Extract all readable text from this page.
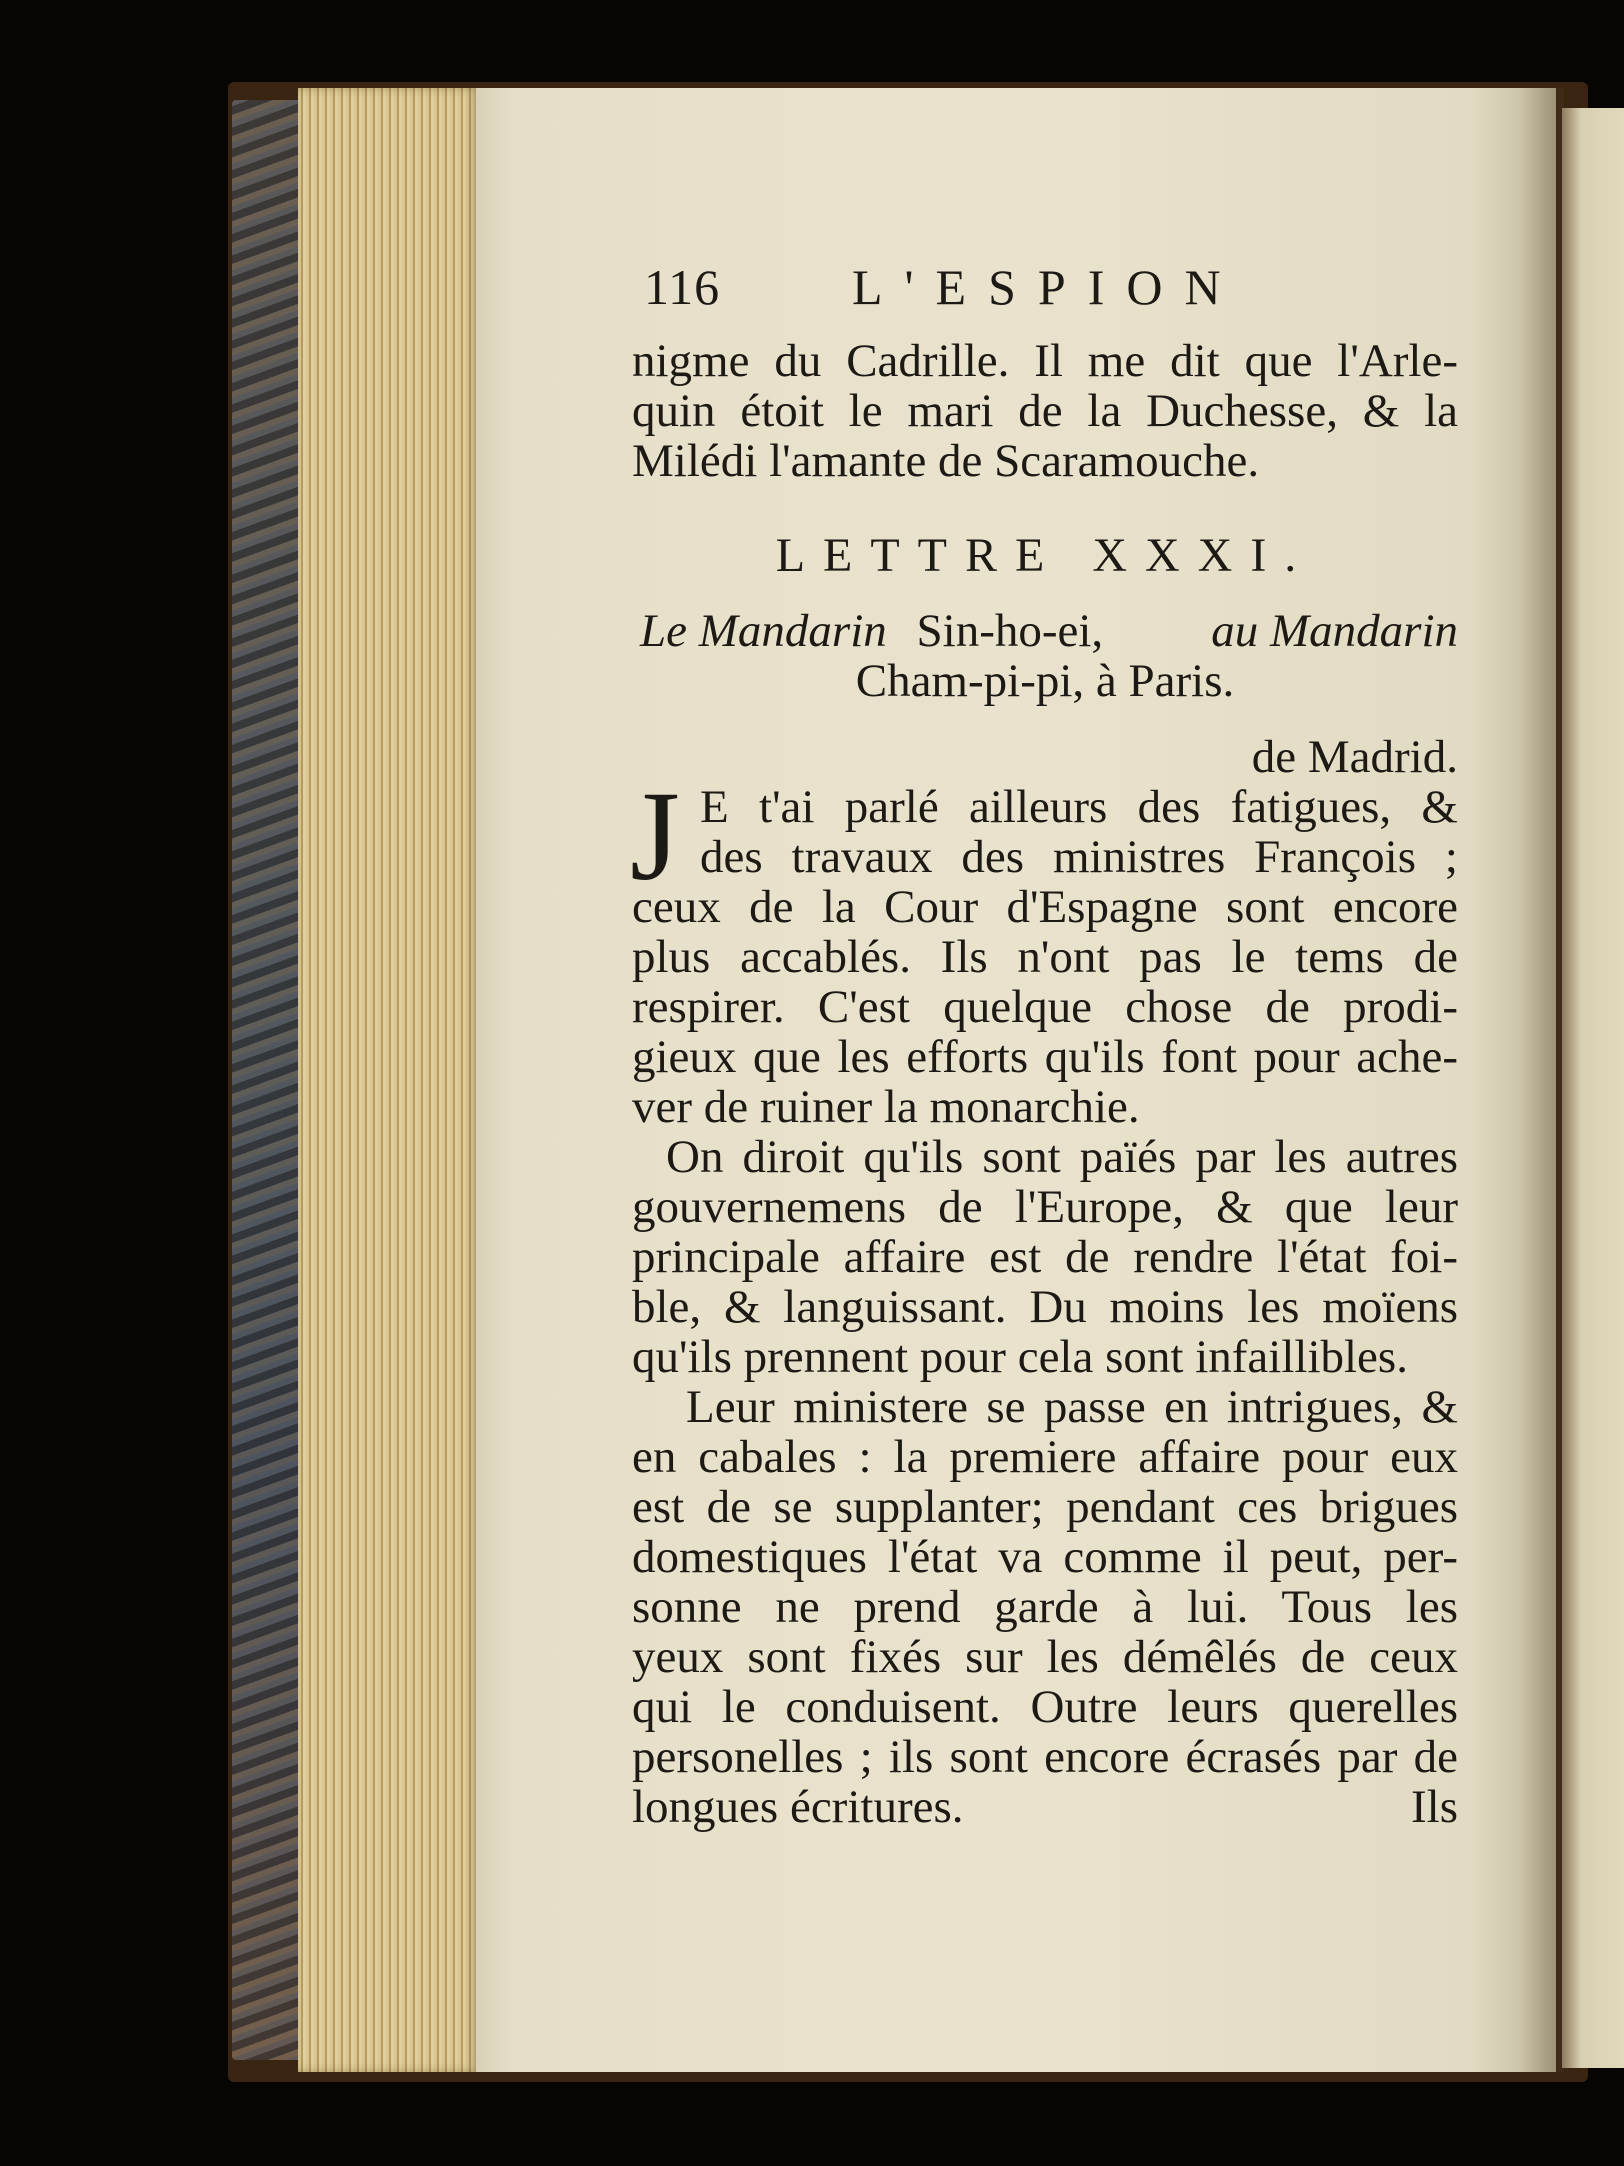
116	L'ESPION
nigme du Cadrille. Il me dit que l'Arle-
quin étoit le mari de la Duchesse, & la
Milédi l'amante de Scaramouche.
LETTRE XXXI.
Le Mandarin Sin-ho-ei, au Mandarin
Cham-pi-pi, à Paris.
de Madrid.
J E t'ai parlé ailleurs des fatigues, &
des travaux des ministres François ;
ceux de la Cour d'Espagne sont encore
plus accablés. Ils n'ont pas le tems de
respirer. C'est quelque chose de prodi-
gieux que les efforts qu'ils font pour ache-
ver de ruiner la monarchie.
On diroit qu'ils sont païés par les autres
gouvernemens de l'Europe, & que leur
principale affaire est de rendre l'état foi-
ble, & languissant. Du moins les moïens
qu'ils prennent pour cela sont infaillibles.
Leur ministere se passe en intrigues, &
en cabales : la premiere affaire pour eux
est de se supplanter; pendant ces brigues
domestiques l'état va comme il peut, per-
sonne ne prend garde à lui. Tous les
yeux sont fixés sur les démêlés de ceux
qui le conduisent. Outre leurs querelles
personelles ; ils sont encore écrasés par de
longues écritures.	Ils
